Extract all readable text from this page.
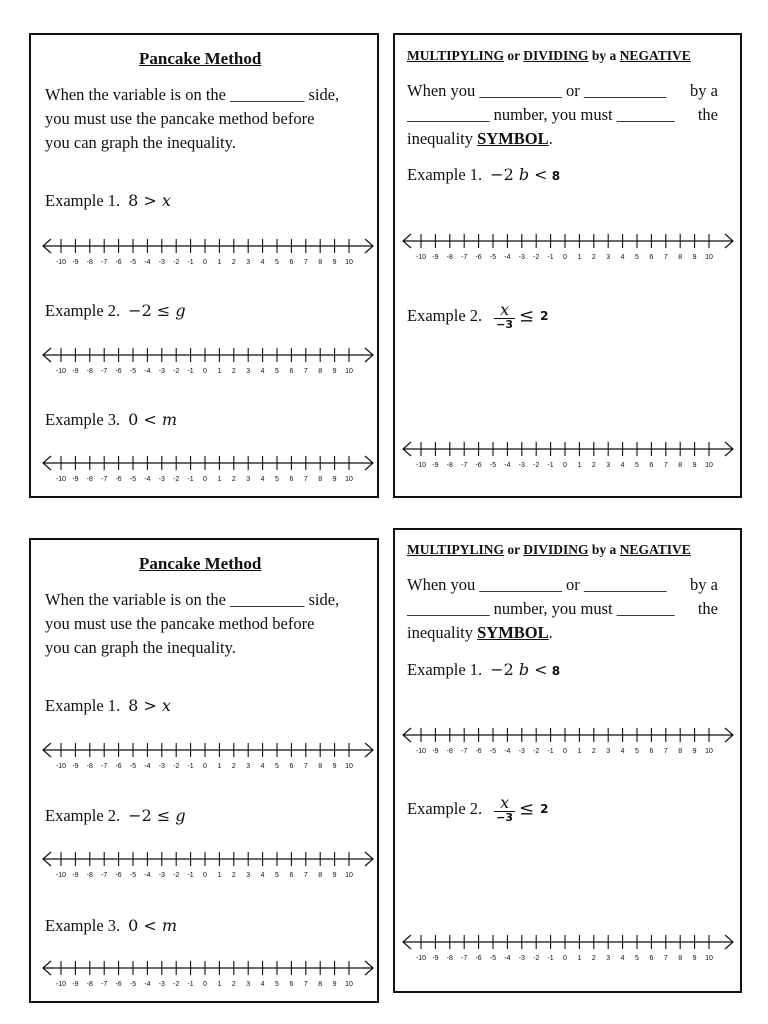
Pancake Method
When the variable is on the _________ side,
you must use the pancake method before
you can graph the inequality.
Example 1. 8 > x
-10 -9 -8 -7 -6 -5 -4 -3 -2 -1 0 1 2 3 4 5 6 7 8 9 10
Example 2. −2 ≤ g
-10 -9 -8 -7 -6 -5 -4 -3 -2 -1 0 1 2 3 4 5 6 7 8 9 10
Example 3. 0 < m
-10 -9 -8 -7 -6 -5 -4 -3 -2 -1 0 1 2 3 4 5 6 7 8 9 10
MULTIPYLING or DIVIDING by a NEGATIVE
When you __________ or __________ by a
__________ number, you must _______ the
inequality SYMBOL.
Example 1. −2 b < 8
-10 -9 -8 -7 -6 -5 -4 -3 -2 -1 0 1 2 3 4 5 6 7 8 9 10
Example 2. $\frac{x}{-3} \le 2$
-10 -9 -8 -7 -6 -5 -4 -3 -2 -1 0 1 2 3 4 5 6 7 8 9 10
Pancake Method
When the variable is on the _________ side,
you must use the pancake method before
you can graph the inequality.
Example 1. 8 > x
-10 -9 -8 -7 -6 -5 -4 -3 -2 -1 0 1 2 3 4 5 6 7 8 9 10
Example 2. −2 ≤ g
-10 -9 -8 -7 -6 -5 -4 -3 -2 -1 0 1 2 3 4 5 6 7 8 9 10
Example 3. 0 < m
-10 -9 -8 -7 -6 -5 -4 -3 -2 -1 0 1 2 3 4 5 6 7 8 9 10
MULTIPYLING or DIVIDING by a NEGATIVE
When you __________ or __________ by a
__________ number, you must _______ the
inequality SYMBOL.
Example 1. −2 b < 8
-10 -9 -8 -7 -6 -5 -4 -3 -2 -1 0 1 2 3 4 5 6 7 8 9 10
Example 2. $\frac{x}{-3} \le 2$
-10 -9 -8 -7 -6 -5 -4 -3 -2 -1 0 1 2 3 4 5 6 7 8 9 10
